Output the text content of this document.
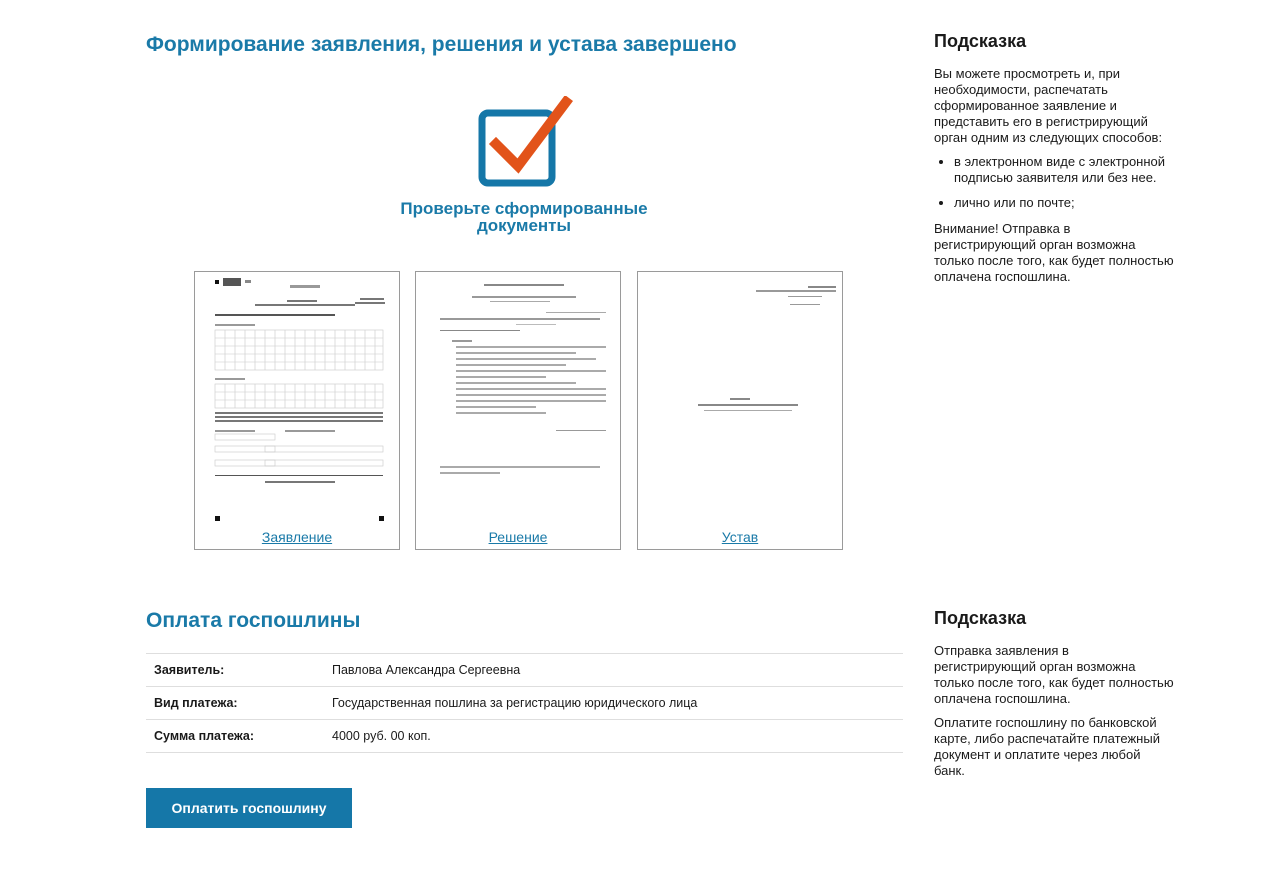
Формирование заявления, решения и устава завершено
Проверьте сформированные
документы
Заявление	Решение	Устав
Подсказка

Вы можете просмотреть и, при необходимости, распечатать сформированное заявление и представить его в регистрирующий орган одним из следующих способов:

• в электронном виде с электронной подписью заявителя или без нее.
• лично или по почте;

Внимание! Отправка в регистрирующий орган возможна только после того, как будет полностью оплачена госпошлина.

Оплата госпошлины
Заявитель:	Павлова Александра Сергеевна
Вид платежа:	Государственная пошлина за регистрацию юридического лица
Сумма платежа:	4000 руб. 00 коп.
Оплатить госпошлину
Подсказка

Отправка заявления в регистрирующий орган возможна только после того, как будет полностью оплачена госпошлина.

Оплатите госпошлину по банковской карте, либо распечатайте платежный документ и оплатите через любой банк.
